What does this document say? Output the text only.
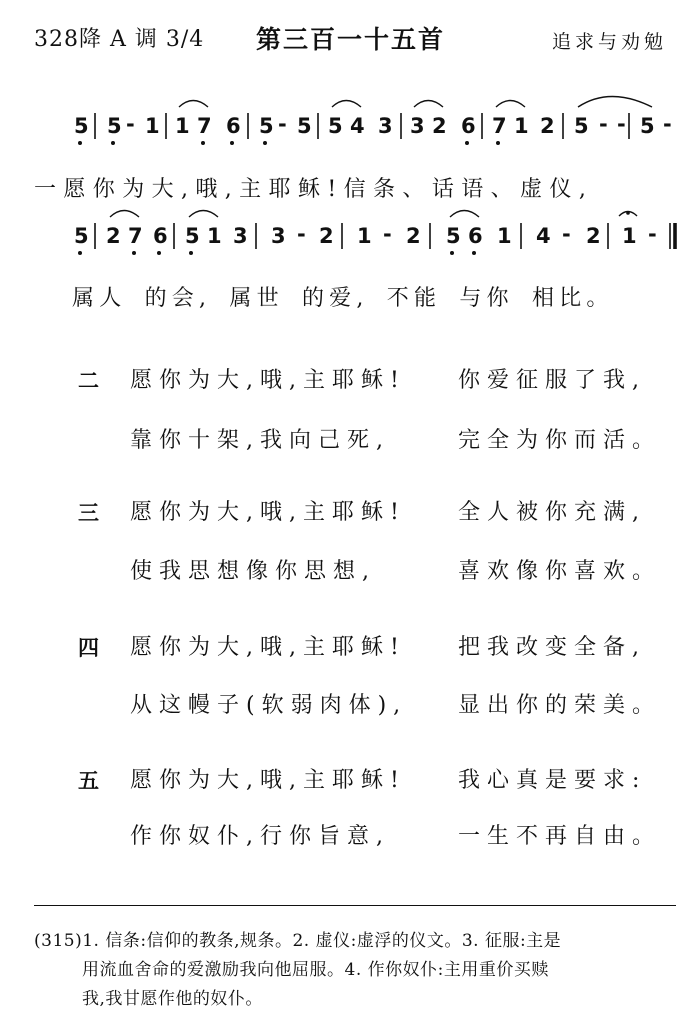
328降 A 调 3/4 第三百一十五首	追求与劝勉
5 5 - 1 1 7 6 5 - 5 5 4 3 3 2 6 7 1 2 5 - - 5 -
5 2 7 6 5 1 3 3 - 2 1 - 2 5 6 1 4 - 2 1 -
一愿你为大,哦,主耶稣!信条、话语、虚仪,
属人 的会, 属世 的爱, 不能 与你 相比。
二 愿你为大,哦,主耶稣! 你爱征服了我,
靠你十架,我向己死,	完全为你而活。
三 愿你为大,哦,主耶稣! 全人被你充满,
使我思想像你思想,	喜欢像你喜欢。
四 愿你为大,哦,主耶稣! 把我改变全备,
从这幔子(软弱肉体), 显出你的荣美。
五 愿你为大,哦,主耶稣! 我心真是要求:
作你奴仆,行你旨意,	一生不再自由。
(315)1. 信条:信仰的教条,规条。2. 虚仪:虚浮的仪文。3. 征服:主是
用流血舍命的爱激励我向他屈服。4. 作你奴仆:主用重价买赎
我,我甘愿作他的奴仆。
